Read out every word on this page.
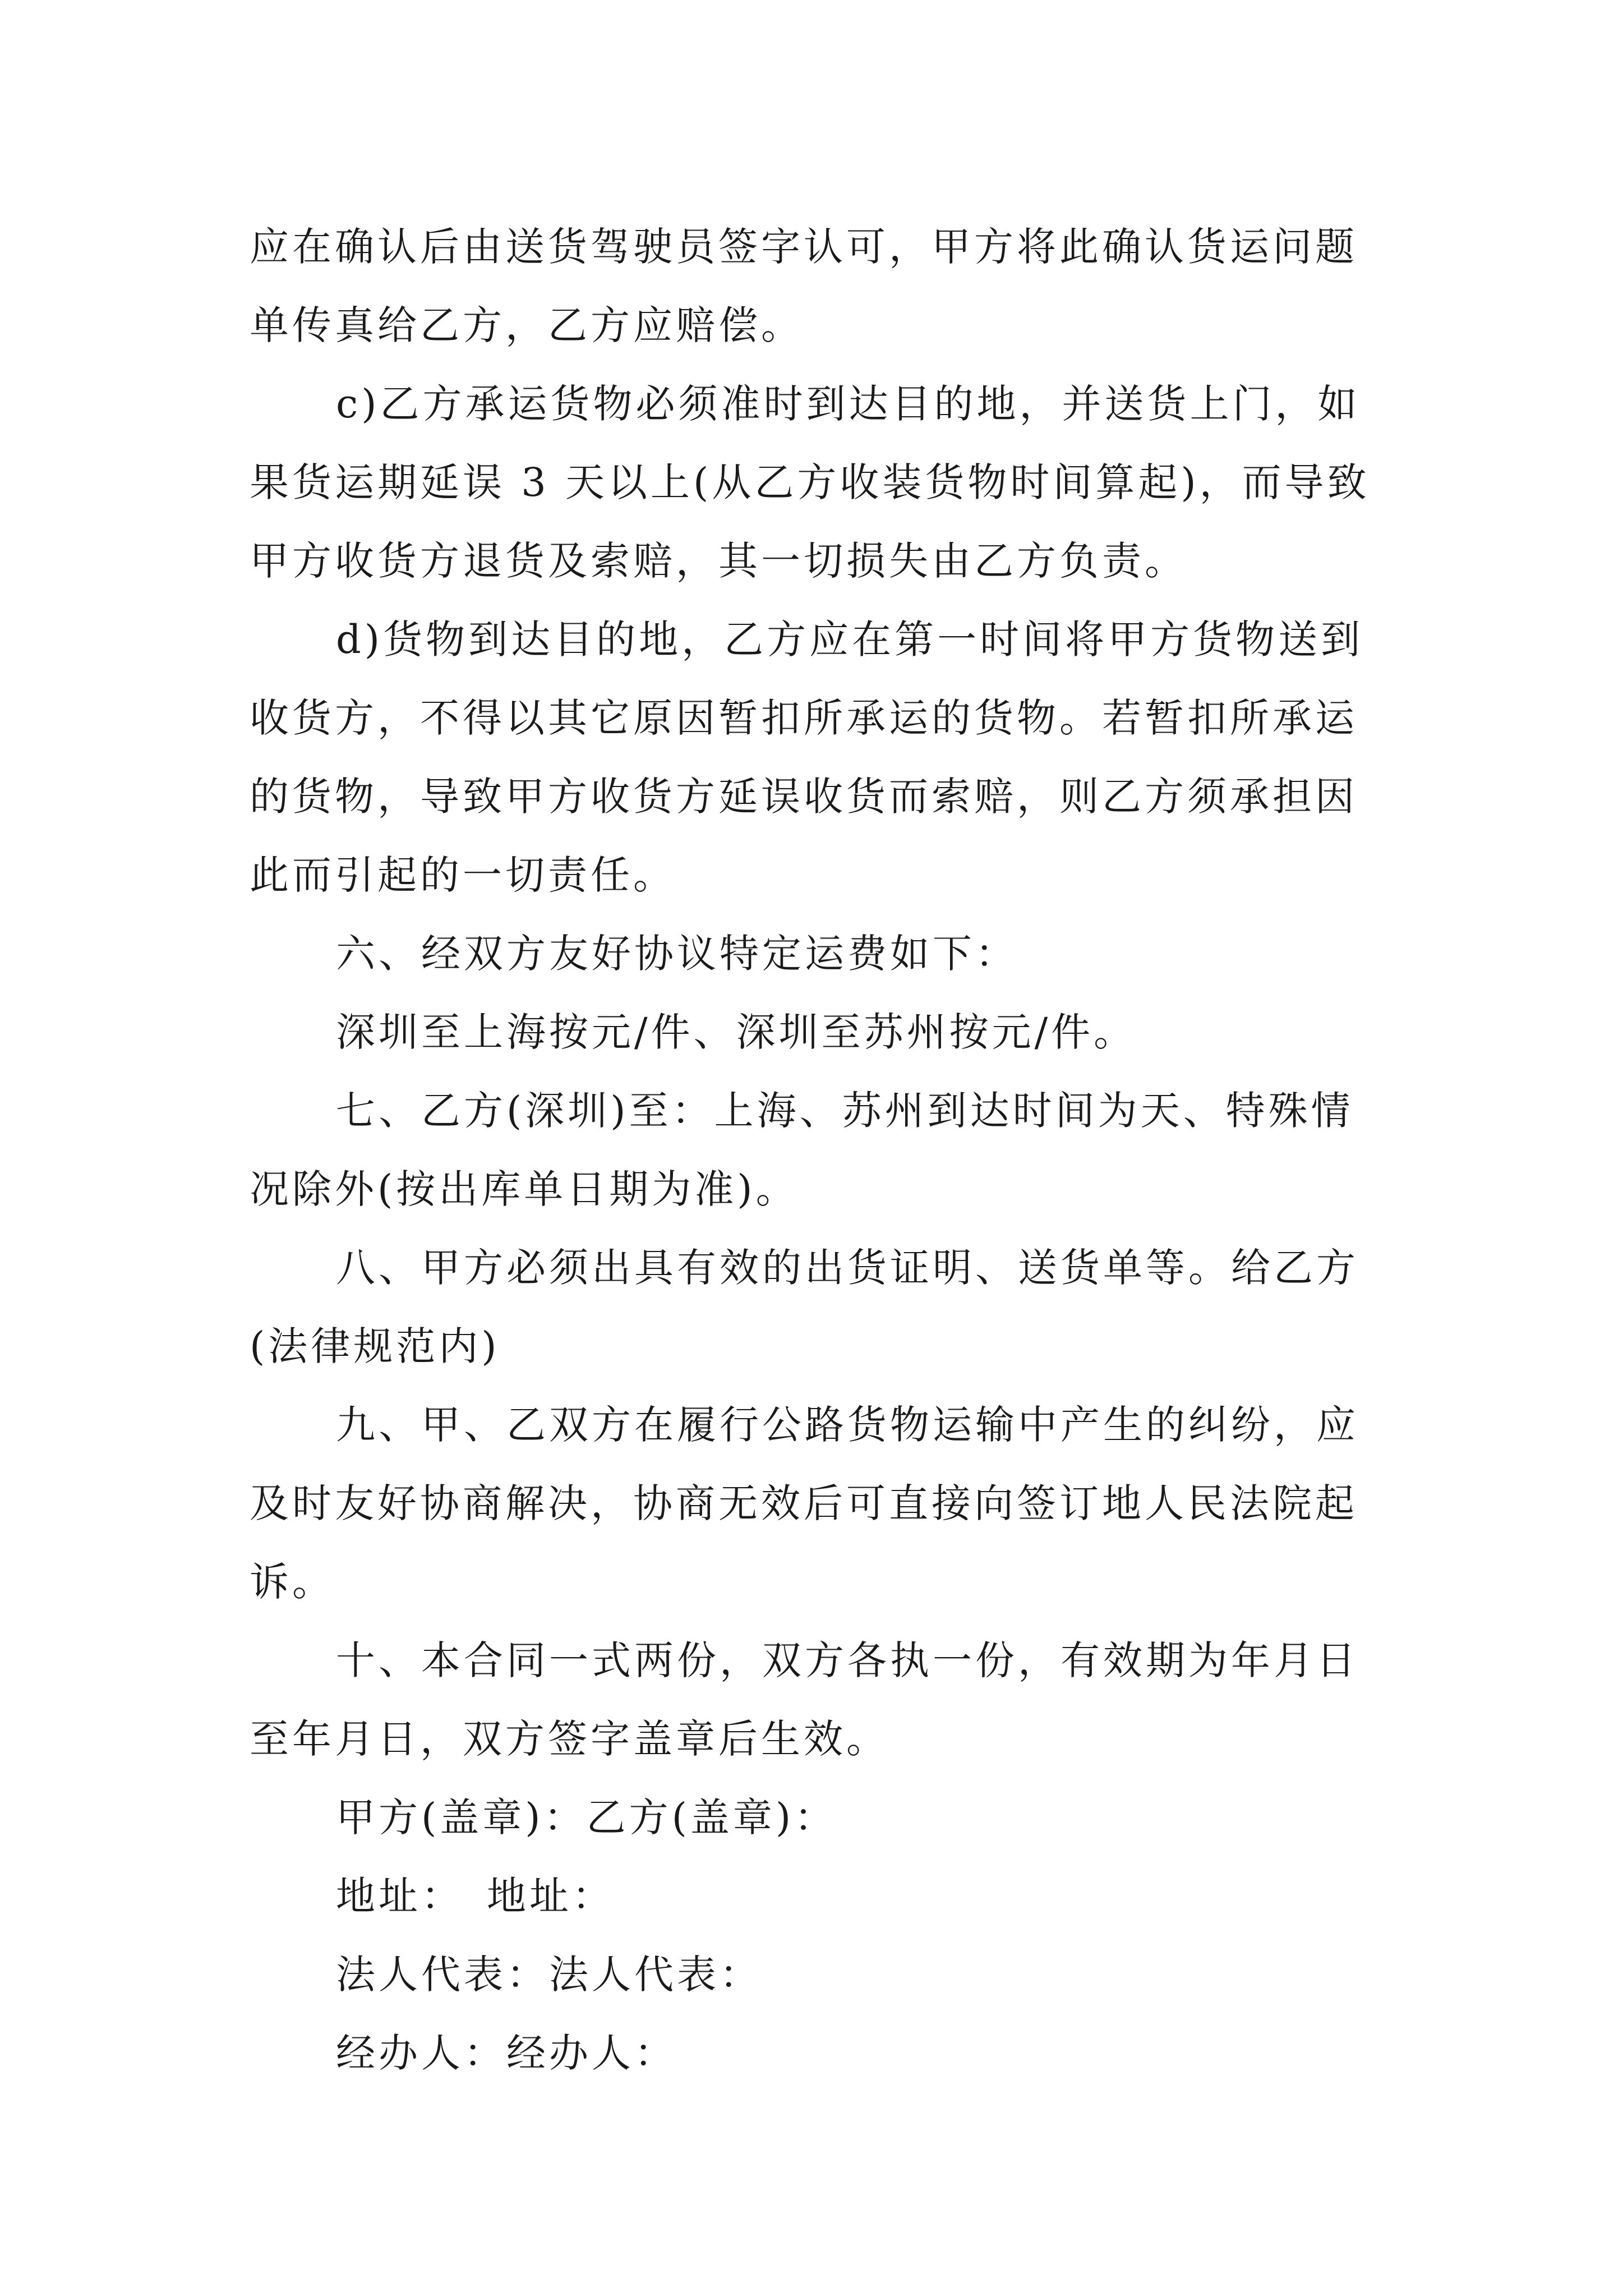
应在确认后由送货驾驶员签字认可，甲方将此确认货运问题
单传真给乙方，乙方应赔偿。
c)乙方承运货物必须准时到达目的地，并送货上门，如
果货运期延误 3 天以上(从乙方收装货物时间算起)，而导致
甲方收货方退货及索赔，其一切损失由乙方负责。
d)货物到达目的地，乙方应在第一时间将甲方货物送到
收货方，不得以其它原因暂扣所承运的货物。若暂扣所承运
的货物，导致甲方收货方延误收货而索赔，则乙方须承担因
此而引起的一切责任。
六、经双方友好协议特定运费如下：
深圳至上海按元/件、深圳至苏州按元/件。
七、乙方(深圳)至：上海、苏州到达时间为天、特殊情
况除外(按出库单日期为准)。
八、甲方必须出具有效的出货证明、送货单等。给乙方
(法律规范内)
九、甲、乙双方在履行公路货物运输中产生的纠纷，应
及时友好协商解决，协商无效后可直接向签订地人民法院起
诉。
十、本合同一式两份，双方各执一份，有效期为年月日
至年月日，双方签字盖章后生效。
甲方(盖章)：乙方(盖章)：
地址：　地址：
法人代表：法人代表：
经办人：经办人：
